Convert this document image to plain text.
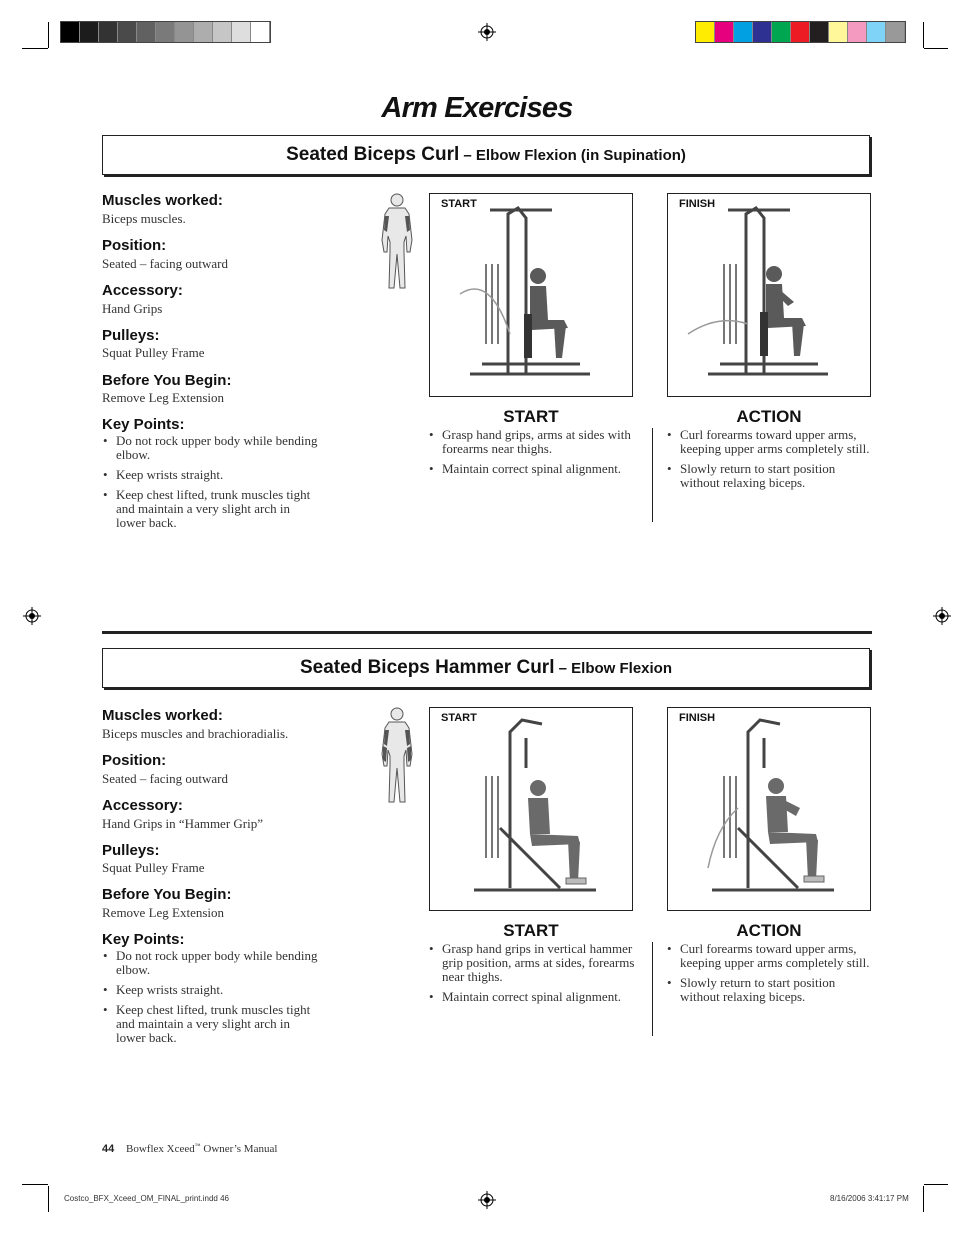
Arm Exercises
Seated Biceps Curl – Elbow Flexion (in Supination)

Muscles worked:

Biceps muscles.

Position:

Seated – facing outward

Accessory:

Hand Grips

Pulleys:

Squat Pulley Frame

Before You Begin:

Remove Leg Extension

Key Points:

• Do not rock upper body while bending elbow.
• Keep wrists straight.
• Keep chest lifted, trunk muscles tight and maintain a very slight arch in lower back.
START	FINISH
START
• Grasp hand grips, arms at sides with forearms near thighs.
• Maintain correct spinal alignment.
ACTION
• Curl forearms toward upper arms, keeping upper arms completely still.
• Slowly return to start position without relaxing biceps.
Seated Biceps Hammer Curl – Elbow Flexion

Muscles worked:

Biceps muscles and brachioradialis.

Position:

Seated – facing outward

Accessory:

Hand Grips in “Hammer Grip”

Pulleys:

Squat Pulley Frame

Before You Begin:

Remove Leg Extension

Key Points:

• Do not rock upper body while bending elbow.
• Keep wrists straight.
• Keep chest lifted, trunk muscles tight and maintain a very slight arch in lower back.
START	FINISH
START
• Grasp hand grips in vertical hammer grip position, arms at sides, forearms near thighs.
• Maintain correct spinal alignment.
ACTION
• Curl forearms toward upper arms, keeping upper arms completely still.
• Slowly return to start position without relaxing biceps.
44 Bowflex Xceed™ Owner’s Manual
Costco_BFX_Xceed_OM_FINAL_print.indd 46	8/16/2006 3:41:17 PM
